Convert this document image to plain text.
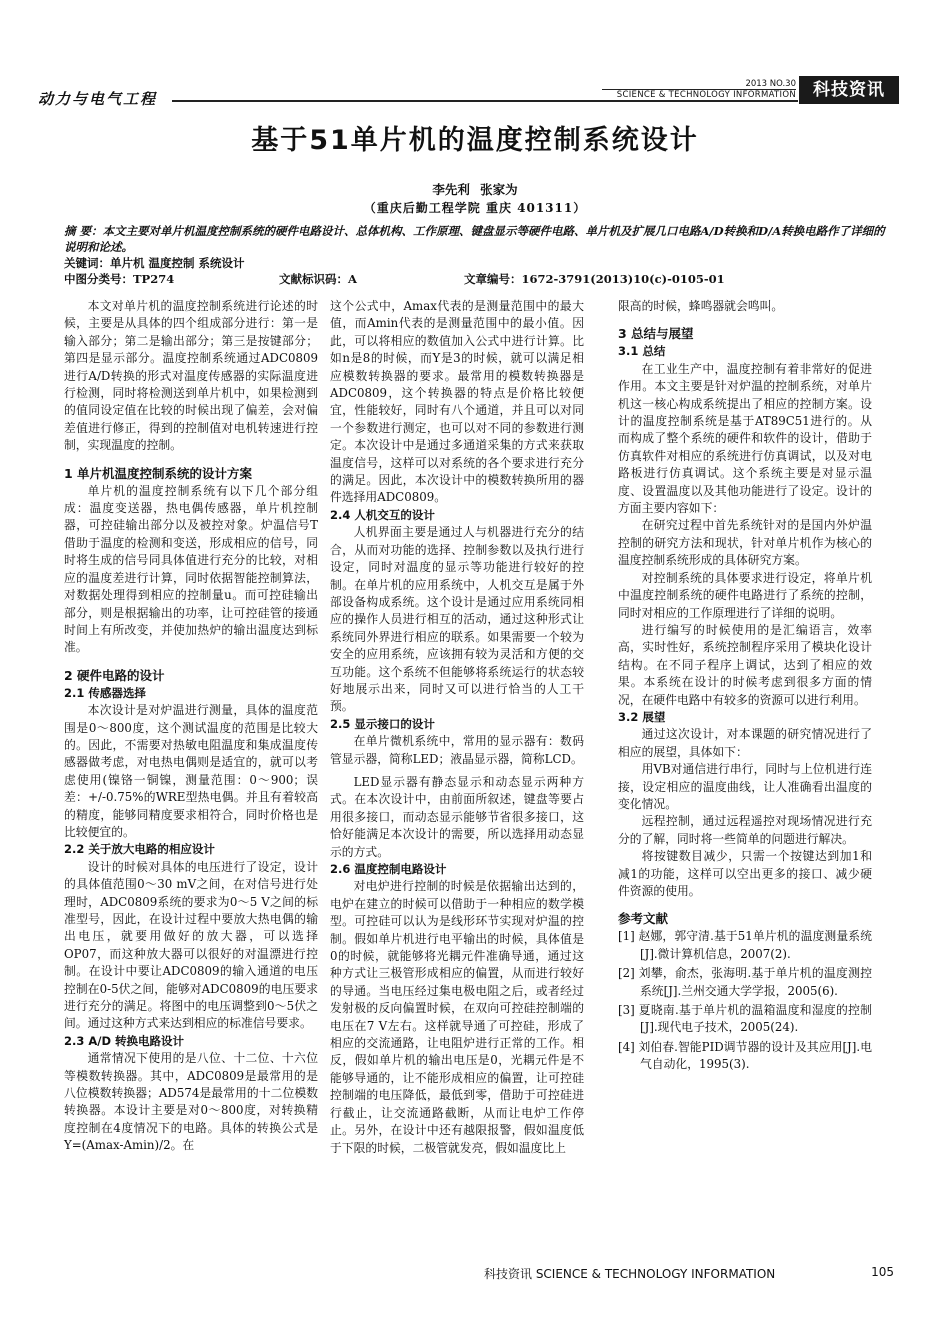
动力与电气工程
2013 NO.30
SCIENCE & TECHNOLOGY INFORMATION	科技资讯
基于51单片机的温度控制系统设计
李先利 张家为
（重庆后勤工程学院 重庆 401311）
摘 要：本文主要对单片机温度控制系统的硬件电路设计、总体机构、工作原理、键盘显示等硬件电路、单片机及扩展几口电路A/D转换和D/A转换电路作了详细的说明和论述。
关键词：单片机 温度控制 系统设计
中图分类号：TP274	文献标识码：A	文章编号：1672-3791(2013)10(c)-0105-01

本文对单片机的温度控制系统进行论述的时候，主要是从具体的四个组成部分进行：第一是输入部分；第二是输出部分；第三是按键部分；第四是显示部分。温度控制系统通过ADC0809 进行A/D转换的形式对温度传感器的实际温度进行检测，同时将检测送到单片机中，如果检测到的值同设定值在比较的时候出现了偏差，会对偏差值进行修正，得到的控制值对电机转速进行控制，实现温度的控制。

1 单片机温度控制系统的设计方案

单片机的温度控制系统有以下几个部分组成：温度变送器，热电偶传感器，单片机控制器，可控硅输出部分以及被控对象。炉温信号T借助于温度的检测和变送，形成相应的信号，同时将生成的信号同具体值进行充分的比较，对相应的温度差进行计算，同时依据智能控制算法，对数据处理得到相应的控制量u。而可控硅输出部分，则是根据输出的功率，让可控硅管的接通时间上有所改变，并使加热炉的输出温度达到标准。

2 硬件电路的设计
2.1 传感器选择

本次设计是对炉温进行测量，具体的温度范围是0～800度，这个测试温度的范围是比较大的。因此，不需要对热敏电阻温度和集成温度传感器做考虑，对电热电偶则是适宜的，就可以考虑使用(镍铬一铜镍，测量范围：0～900；误差：+/-0.75%的WRE型热电偶。并且有着较高的精度，能够同精度要求相符合，同时价格也是比较便宜的。

2.2 关于放大电路的相应设计

设计的时候对具体的电压进行了设定，设计的具体值范围0～30 mV之间，在对信号进行处理时，ADC0809系统的要求为0～5 V之间的标准型号，因此，在设计过程中要放大热电偶的输出电压，就要用做好的放大器，可以选择OP07，而这种放大器可以很好的对温漂进行控制。在设计中要让ADC0809的输入通道的电压控制在0-5伏之间，能够对ADC0809的电压要求进行充分的满足。将图中的电压调整到0～5伏之间。通过这种方式来达到相应的标准信号要求。

2.3 A/D 转换电路设计

通常情况下使用的是八位、十二位、十六位等模数转换器。其中，ADC0809是最常用的是八位模数转换器；AD574是最常用的十二位模数转换器。本设计主要是对0～800度，对转换精度控制在4度情况下的电路。具体的转换公式是Y=(Amax-Amin)/2。在

这个公式中，Amax代表的是测量范围中的最大值，而Amin代表的是测量范围中的最小值。因此，可以将相应的数值加入公式中进行计算。比如n是8的时候，而Y是3的时候，就可以满足相应模数转换器的要求。最常用的模数转换器是ADC0809，这个转换器的特点是价格比较便宜，性能较好，同时有八个通道，并且可以对同一个参数进行测定，也可以对不同的参数进行测定。本次设计中是通过多通道采集的方式来获取温度信号，这样可以对系统的各个要求进行充分的满足。因此，本次设计中的模数转换所用的器件选择用ADC0809。

2.4 人机交互的设计

人机界面主要是通过人与机器进行充分的结合，从而对功能的选择、控制参数以及执行进行设定，同时对温度的显示等功能进行较好的控制。在单片机的应用系统中，人机交互是属于外部设备构成系统。这个设计是通过应用系统同相应的操作人员进行相互的活动，通过这种形式让系统同外界进行相应的联系。如果需要一个较为安全的应用系统，应该拥有较为灵活和方便的交互功能。这个系统不但能够将系统运行的状态较好地展示出来，同时又可以进行恰当的人工干预。

2.5 显示接口的设计

在单片微机系统中，常用的显示器有：数码管显示器，简称LED；液晶显示器，简称LCD。

LED显示器有静态显示和动态显示两种方式。在本次设计中，由前面所叙述，键盘等要占用很多接口，而动态显示能够节省很多接口，这恰好能满足本次设计的需要，所以选择用动态显示的方式。

2.6 温度控制电路设计

对电炉进行控制的时候是依据输出达到的，电炉在建立的时候可以借助于一种相应的数学模型。可控硅可以认为是线形环节实现对炉温的控制。假如单片机进行电平输出的时候，具体值是0的时候，就能够将光耦元件准确导通，通过这种方式让三极管形成相应的偏置，从而进行较好的导通。当电压经过集电极电阻之后，或者经过发射极的反向偏置时候，在双向可控硅控制端的电压在7 V左右。这样就导通了可控硅，形成了相应的交流通路，让电阻炉进行正常的工作。相反，假如单片机的输出电压是0，光耦元件是不能够导通的，让不能形成相应的偏置，让可控硅控制端的电压降低，最低到零，借助于可控硅进行截止，让交流通路截断，从而让电炉工作停止。另外，在设计中还有越限报警，假如温度低于下限的时候，二极管就发亮，假如温度比上

限高的时候，蜂鸣器就会鸣叫。

3 总结与展望
3.1 总结

在工业生产中，温度控制有着非常好的促进作用。本文主要是针对炉温的控制系统，对单片机这一核心构成系统提出了相应的控制方案。设计的温度控制系统是基于AT89C51进行的。从而构成了整个系统的硬件和软件的设计，借助于仿真软件对相应的系统进行仿真调试，以及对电路板进行仿真调试。这个系统主要是对显示温度、设置温度以及其他功能进行了设定。设计的方面主要内容如下：

在研究过程中首先系统针对的是国内外炉温控制的研究方法和现状，针对单片机作为核心的温度控制系统形成的具体研究方案。

对控制系统的具体要求进行设定，将单片机中温度控制系统的硬件电路进行了系统的控制，同时对相应的工作原理进行了详细的说明。

进行编写的时候使用的是汇编语言，效率高，实时性好，系统控制程序采用了模块化设计结构。在不同子程序上调试，达到了相应的效果。本系统在设计的时候考虑到很多方面的情况，在硬件电路中有较多的资源可以进行利用。

3.2 展望

通过这次设计，对本课题的研究情况进行了相应的展望，具体如下：

用VB对通信进行串行，同时与上位机进行连接，设定相应的温度曲线，让人准确看出温度的变化情况。

远程控制，通过远程遥控对现场情况进行充分的了解，同时将一些简单的问题进行解决。

将按键数目减少，只需一个按键达到加1和减1的功能，这样可以空出更多的接口、减少硬件资源的使用。

参考文献
[1] 赵娜，郭守清.基于51单片机的温度测量系统[J].微计算机信息，2007(2).
[2] 刘攀，俞杰，张海明.基于单片机的温度测控系统[J].兰州交通大学学报，2005(6).
[3] 夏晓南.基于单片机的温箱温度和湿度的控制[J].现代电子技术，2005(24).
[4] 刘伯春.智能PID调节器的设计及其应用[J].电气自动化，1995(3).
科技资讯 SCIENCE & TECHNOLOGY INFORMATION	105
